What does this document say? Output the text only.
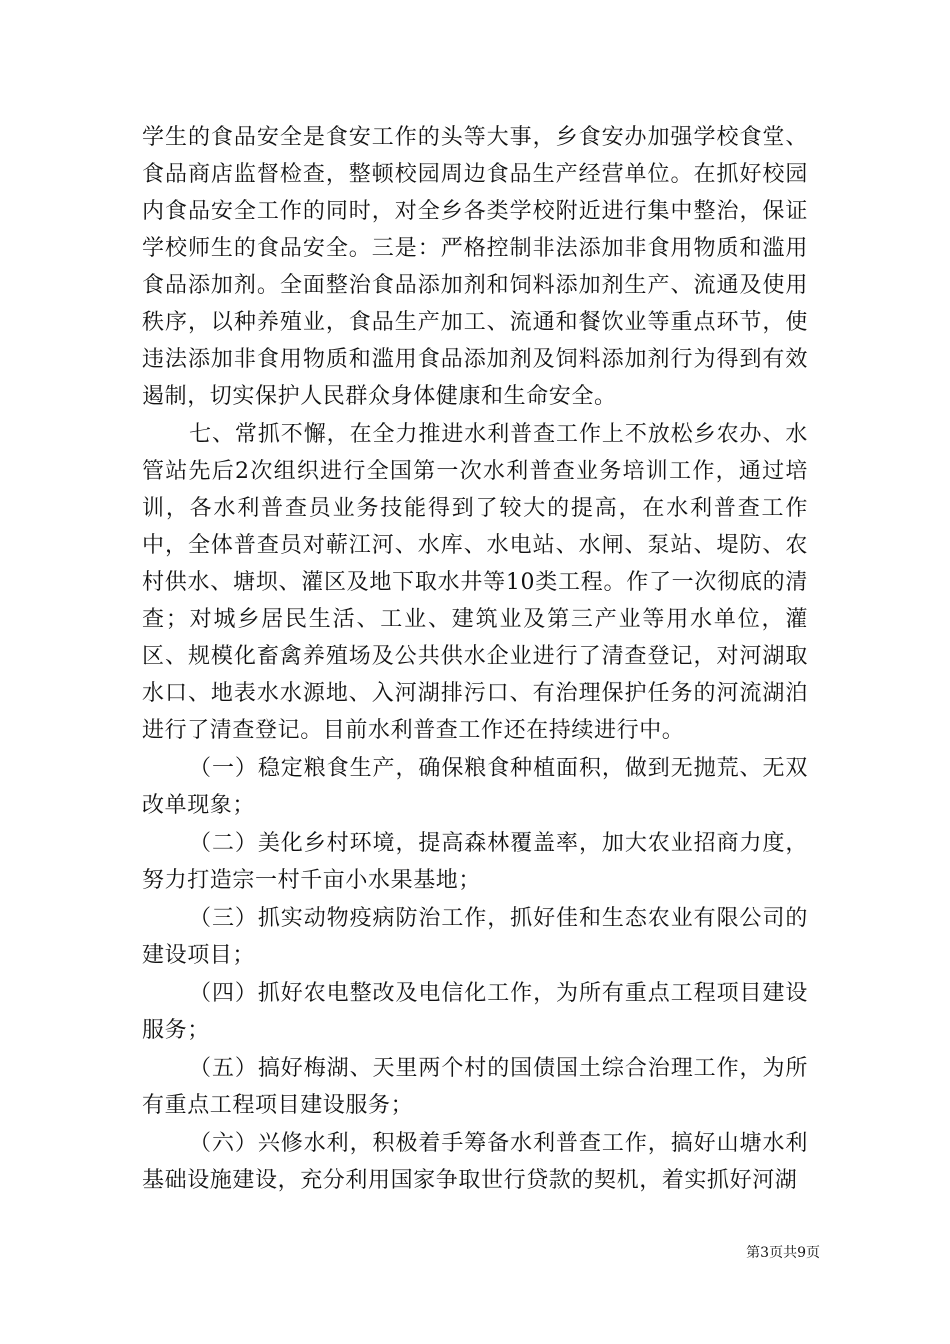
学生的食品安全是食安工作的头等大事，乡食安办加强学校食堂、食品商店监督检查，整顿校园周边食品生产经营单位。在抓好校园内食品安全工作的同时，对全乡各类学校附近进行集中整治，保证学校师生的食品安全。三是：严格控制非法添加非食用物质和滥用食品添加剂。全面整治食品添加剂和饲料添加剂生产、流通及使用秩序，以种养殖业，食品生产加工、流通和餐饮业等重点环节，使违法添加非食用物质和滥用食品添加剂及饲料添加剂行为得到有效遏制，切实保护人民群众身体健康和生命安全。

七、常抓不懈，在全力推进水利普查工作上不放松乡农办、水管站先后2次组织进行全国第一次水利普查业务培训工作，通过培训，各水利普查员业务技能得到了较大的提高，在水利普查工作中，全体普查员对蕲江河、水库、水电站、水闸、泵站、堤防、农村供水、塘坝、灌区及地下取水井等10类工程。作了一次彻底的清查；对城乡居民生活、工业、建筑业及第三产业等用水单位，灌区、规模化畜禽养殖场及公共供水企业进行了清查登记，对河湖取水口、地表水水源地、入河湖排污口、有治理保护任务的河流湖泊进行了清查登记。目前水利普查工作还在持续进行中。

（一）稳定粮食生产，确保粮食种植面积，做到无抛荒、无双改单现象；

（二）美化乡村环境，提高森林覆盖率，加大农业招商力度，努力打造宗一村千亩小水果基地；

（三）抓实动物疫病防治工作，抓好佳和生态农业有限公司的建设项目；

（四）抓好农电整改及电信化工作，为所有重点工程项目建设服务；

（五）搞好梅湖、天里两个村的国债国土综合治理工作，为所有重点工程项目建设服务；

（六）兴修水利，积极着手筹备水利普查工作，搞好山塘水利基础设施建设，充分利用国家争取世行贷款的契机，着实抓好河湖

第3页共9页
